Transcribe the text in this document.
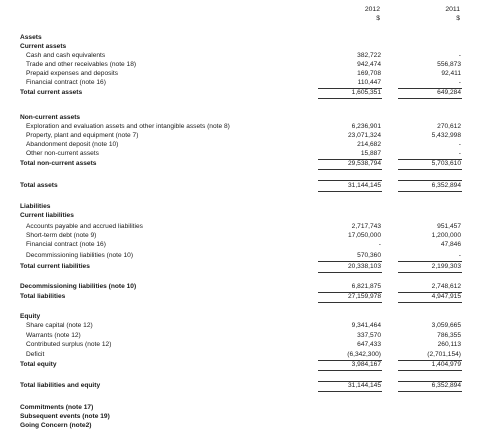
2012
$
2011
$
Assets
Current assets
Cash and cash equivalents	382,722	-
Trade and other receivables (note 18)	942,474	556,873
Prepaid expenses and deposits	169,708	92,411
Financial contract (note 16)	110,447	-
Total current assets	1,605,351	649,284
Non-current assets
Exploration and evaluation assets and other intangible assets (note 8)	6,236,901	270,612
Property, plant and equipment (note 7)	23,071,324	5,432,998
Abandonment deposit (note 10)	214,682	-
Other non-current assets	15,887	-
Total non-current assets	29,538,794	5,703,610
Total assets	31,144,145	6,352,894
Liabilities
Current liabilities
Accounts payable and accrued liabilities	2,717,743	951,457
Short-term debt (note 9)	17,050,000	1,200,000
Financial contract (note 16)	-	47,846
Decommissioning liabilities (note 10)	570,360	-
Total current liabilities	20,338,103	2,199,303
Decommissioning liabilities (note 10)	6,821,875	2,748,612
Total liabilities	27,159,978	4,947,915
Equity
Share capital (note 12)	9,341,464	3,059,665
Warrants (note 12)	337,570	786,355
Contributed surplus (note 12)	647,433	260,113
Deficit	(6,342,300)	(2,701,154)
Total equity	3,984,167	1,404,979
Total liabilities and equity	31,144,145	6,352,894
Commitments (note 17)
Subsequent events (note 19)
Going Concern (note2)
